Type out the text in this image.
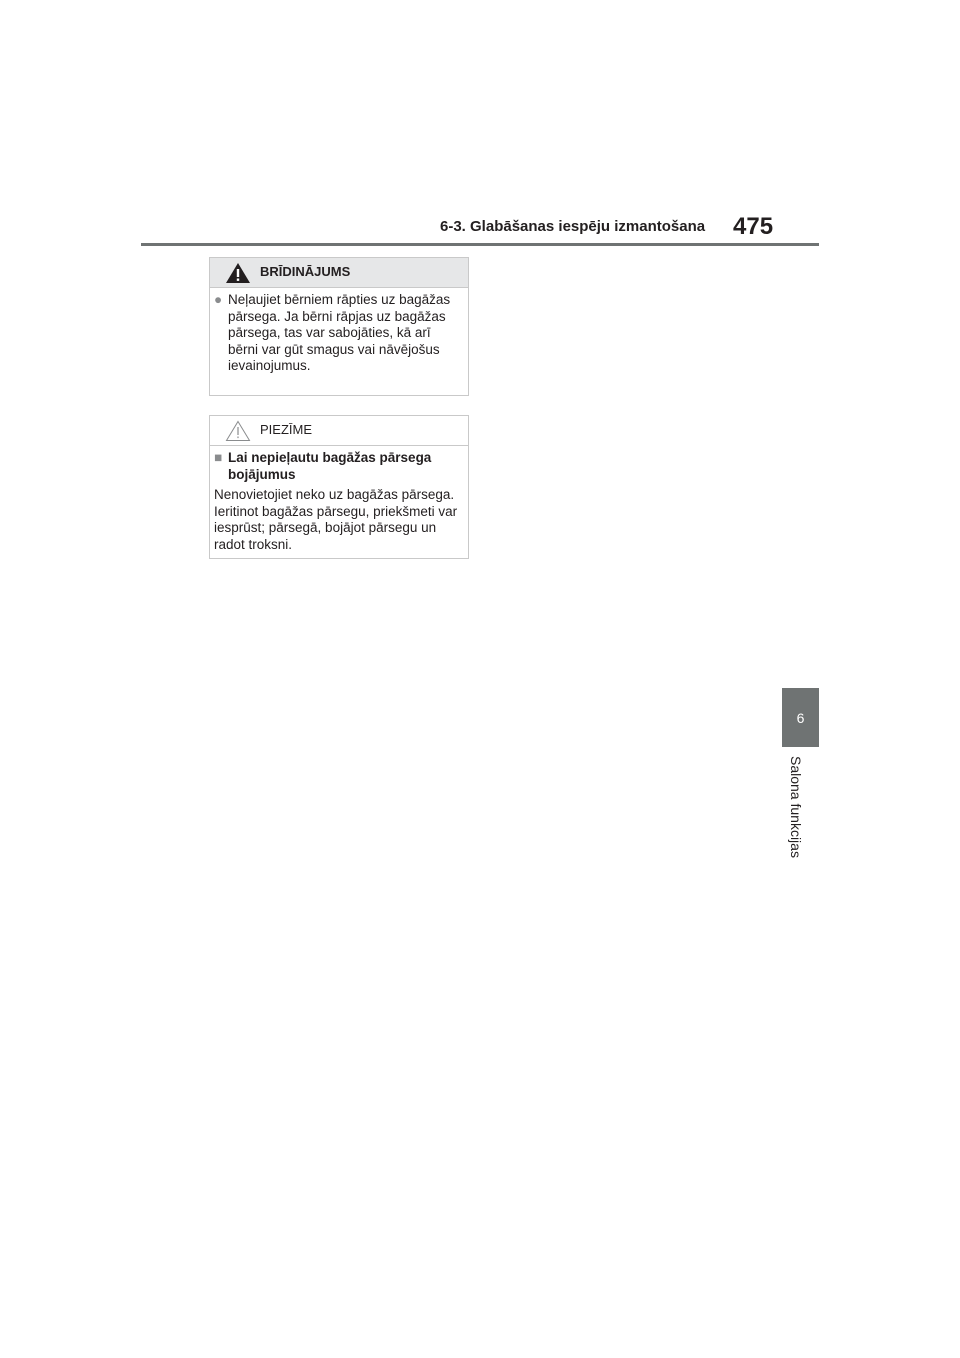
6-3. Glabāšanas iespēju izmantošana 475
6
Salona funkcijas
BRĪDINĀJUMS
● Neļaujiet bērniem rāpties uz bagāžas pārsega. Ja bērni rāpjas uz bagāžas pārsega, tas var sabojāties, kā arī bērni var gūt smagus vai nāvējošus ievainojumus.
PIEZĪME
■ Lai nepieļautu bagāžas pārsega bojājumus
Nenovietojiet neko uz bagāžas pārsega. Ieritinot bagāžas pārsegu, priekšmeti var iesprūst; pārsegā, bojājot pārsegu un radot troksni.
